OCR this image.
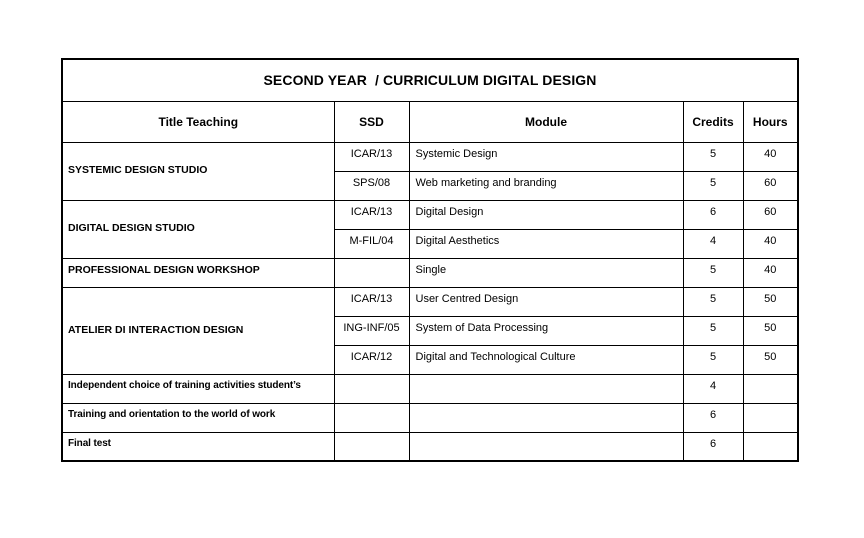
SECOND YEAR  / CURRICULUM DIGITAL DESIGN				
Title Teaching	SSD	Module	Credits	Hours
SYSTEMIC DESIGN STUDIO	ICAR/13	Systemic Design	5	40
	SPS/08	Web marketing and branding	5	60
DIGITAL DESIGN STUDIO	ICAR/13	Digital Design	6	60
	M-FIL/04	Digital Aesthetics	4	40
PROFESSIONAL DESIGN WORKSHOP		Single	5	40
ATELIER DI INTERACTION DESIGN	ICAR/13	User Centred Design	5	50
	ING-INF/05	System of Data Processing	5	50
	ICAR/12	Digital and Technological Culture	5	50
Independent choice of training activities student’s			4	
Training and orientation to the world of work			6	
Final test			6	
